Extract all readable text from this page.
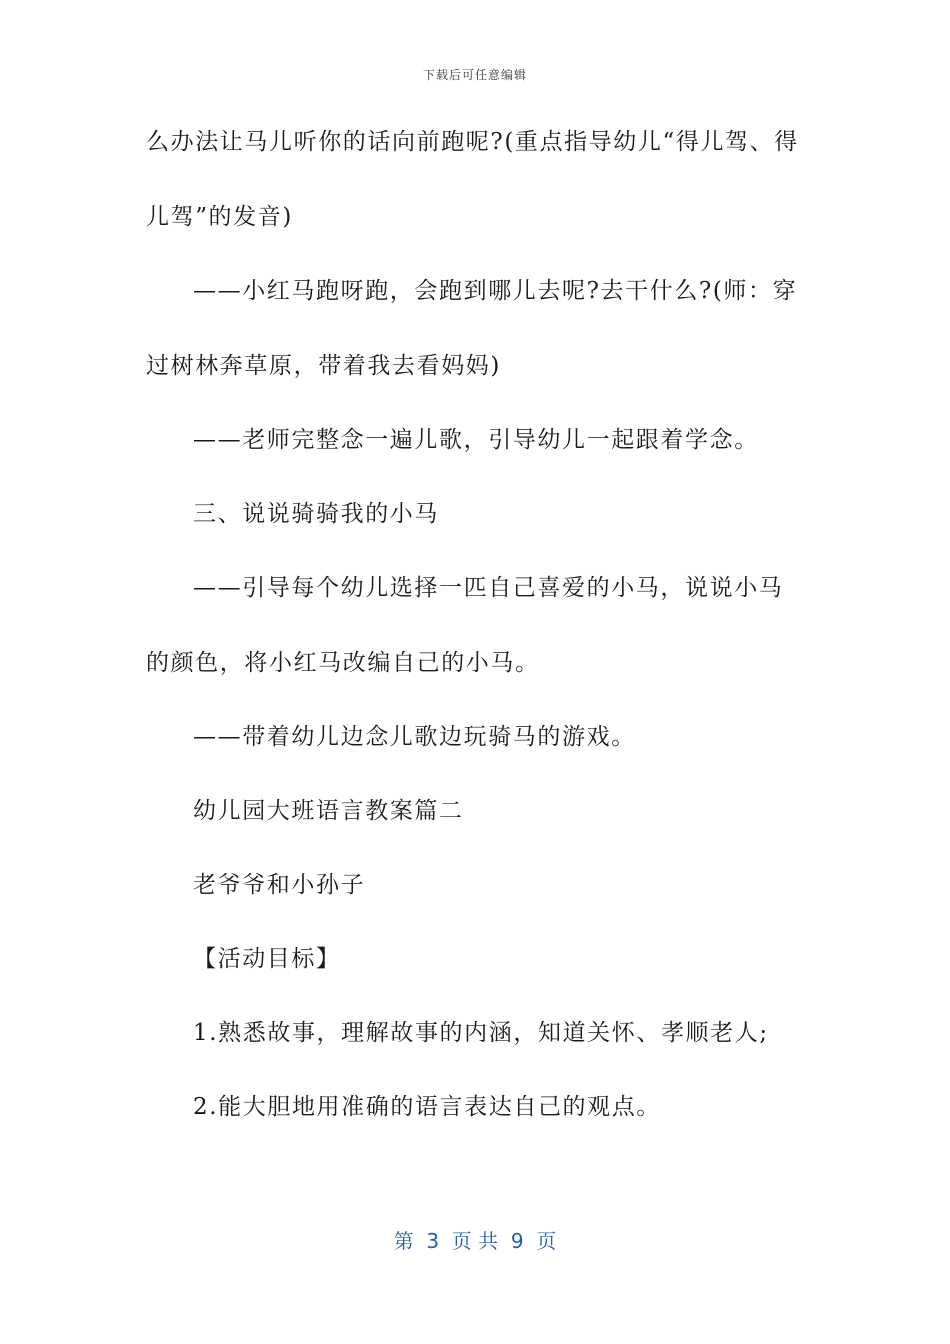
下载后可任意编辑

么办法让马儿听你的话向前跑呢?(重点指导幼儿“得儿驾、得儿驾”的发音)

——小红马跑呀跑，会跑到哪儿去呢?去干什么?(师：穿过树林奔草原，带着我去看妈妈)

——老师完整念一遍儿歌，引导幼儿一起跟着学念。

三、说说骑骑我的小马

——引导每个幼儿选择一匹自己喜爱的小马，说说小马的颜色，将小红马改编自己的小马。

——带着幼儿边念儿歌边玩骑马的游戏。

幼儿园大班语言教案篇二

老爷爷和小孙子

【活动目标】

1.熟悉故事，理解故事的内涵，知道关怀、孝顺老人;

2.能大胆地用准确的语言表达自己的观点。

第  3  页 共  9  页
